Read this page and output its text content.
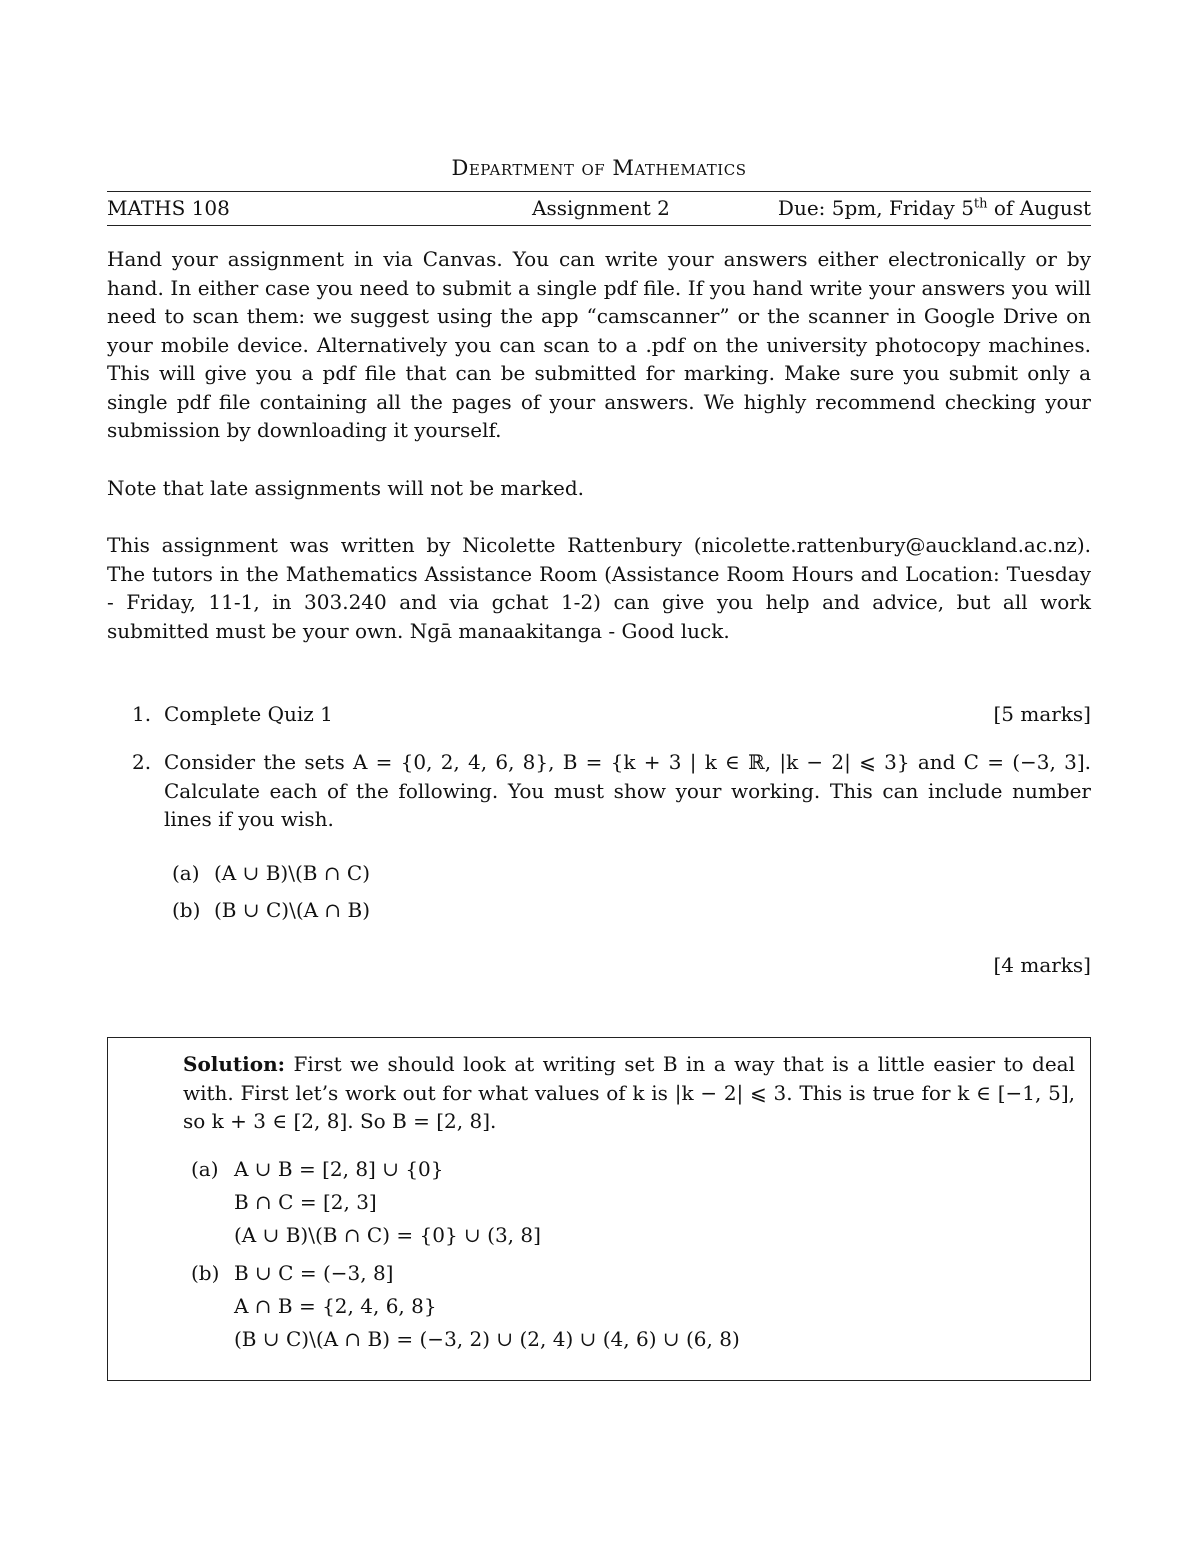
Department of Mathematics
MATHS 108	Assignment 2	Due: 5pm, Friday 5th of August
Hand your assignment in via Canvas. You can write your answers either electronically or by hand. In either case you need to submit a single pdf file. If you hand write your answers you will need to scan them: we suggest using the app “camscanner” or the scanner in Google Drive on your mobile device. Alternatively you can scan to a .pdf on the university photocopy machines. This will give you a pdf file that can be submitted for marking. Make sure you submit only a single pdf file containing all the pages of your answers. We highly recommend checking your submission by downloading it yourself.
Note that late assignments will not be marked.
This assignment was written by Nicolette Rattenbury (nicolette.rattenbury@auckland.ac.nz). The tutors in the Mathematics Assistance Room (Assistance Room Hours and Location: Tuesday - Friday, 11-1, in 303.240 and via gchat 1-2) can give you help and advice, but all work submitted must be your own. Ngā manaakitanga - Good luck.
1. Complete Quiz 1	[5 marks]
2. Consider the sets A = {0, 2, 4, 6, 8}, B = {k + 3 | k ∈ ℝ, |k − 2| ⩽ 3} and C = (−3, 3]. Calculate each of the following. You must show your working. This can include number lines if you wish.
(a) (A ∪ B)\(B ∩ C)
(b) (B ∪ C)\(A ∩ B)
[4 marks]
Solution: First we should look at writing set B in a way that is a little easier to deal with. First let’s work out for what values of k is |k − 2| ⩽ 3. This is true for k ∈ [−1, 5], so k + 3 ∈ [2, 8]. So B = [2, 8].
(a) A ∪ B = [2, 8] ∪ {0}
B ∩ C = [2, 3]
(A ∪ B)\(B ∩ C) = {0} ∪ (3, 8]
(b) B ∪ C = (−3, 8]
A ∩ B = {2, 4, 6, 8}
(B ∪ C)\(A ∩ B) = (−3, 2) ∪ (2, 4) ∪ (4, 6) ∪ (6, 8)
